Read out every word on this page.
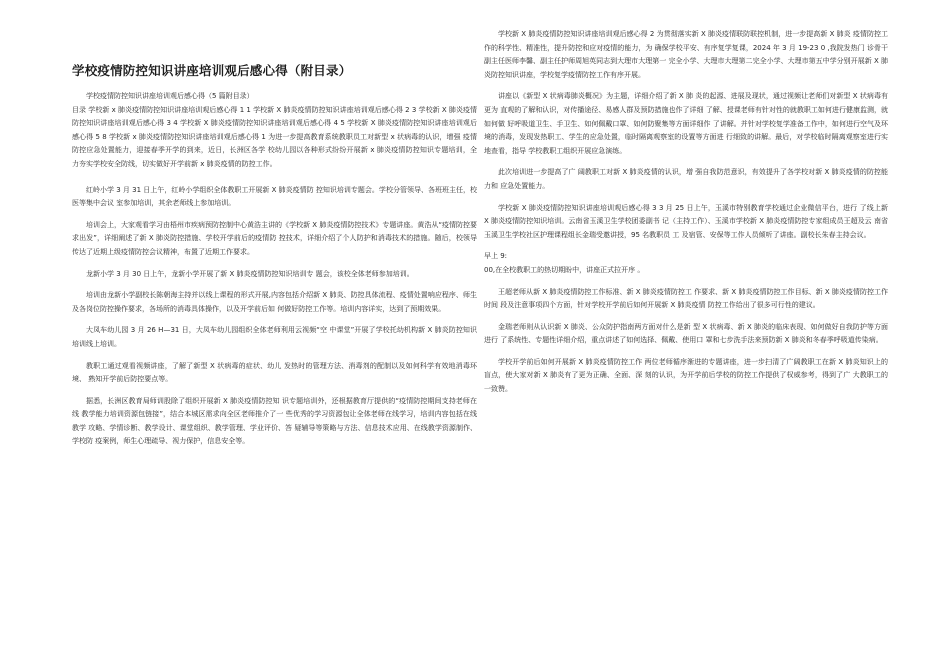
学校疫情防控知识讲座培训观后感心得（附目录）

学校疫情防控知识讲座培训观后感心得（5 篇附目录）

目录 学校新 x 肺炎疫情防控知识讲座培训观后感心得 1 1 学校新 X 肺炎疫情防控知识讲座培训观后感心得 2 3 学校新 X 肺炎疫情防控知识讲座培训观后感心得 3 4 学校新 X 肺炎疫情防控知识讲座培训观后感心得 4 5 学校新 X 肺炎疫情防控知识讲座培训观后感心得 5 8 学校新 x 肺炎疫情防控知识讲座培训观后感心得 1 为进一步提高教育系统教职员工对新型 x 状病毒的认识，增强 疫情防控应急处置能力，迎接春季开学的到来，近日，长洲区各学 校幼儿园以各种形式纷纷开展新 x 肺炎疫情防控知识专题培训，全 力夯实学校安全防线，切实做好开学前新 x 肺炎疫情的防控工作。

红岭小学 3 月 31 日上午，红岭小学组织全体教职工开展新 X 肺炎疫情防 控知识培训专题会。学校分管领导、各班班主任，校医等集中会议 室参加培训，其余老师线上参加培训。

培训会上，大家观看学习由梧州市疾病预防控制中心黄浩主讲的《学校新 X 肺炎疫情防控技术》专题讲座。黄浩从“疫情防控要 求出发”，详细阐述了新 X 肺炎防控措施、学校开学前后的疫情防 控技术，详细介绍了个人防护和消毒技术的措施。随后，校领导传达了近期上级疫情防控会议精神，布置了近期工作要求。

龙新小学 3 月 30 日上午，龙新小学开展了新 X 肺炎疫情防控知识培训专 题会，该校全体老师参加培训。

培训由龙新小学副校长陈朝海主持并以线上课程的形式开展,内容包括介绍新 X 肺炎、防控具体流程、疫情处置响应程序、师生 及各岗位防控操作要求，各场所的消毒具体操作，以及开学前后如 何做好防控工作等。培训内容详实，达到了预期效果。

大凤车幼儿园 3 月 26 H—31 日，大凤车幼儿园组织全体老师利用云视频“空 中课堂”开展了学校托幼机构新 X 肺炎防控知识培训线上培训。

教职工通过观看视频讲座，了解了新型 X 状病毒的症状、幼儿 发热时的管理方法、消毒剂的配制以及如何科学有效地消毒环境、 熟知开学前后防控要点等。

据悉，长洲区教育局师训股除了组织开展新 X 肺炎疫情防控知 识专题培训外，还根据教育厅提供的“疫情防控期间支持老师在线 教学能力培训资源包链接”，结合本城区需求向全区老师推介了一 些优秀的学习资源包让全体老师在线学习，培训内容包括在线教学 攻略、学情诊断、教学设计、课堂组织、教学管理、学业评价、答 疑辅导等策略与方法、信息技术应用、在线教学资源制作、学校防 疫案例，师生心理疏导、视力保护，信息安全等。

学校新 X 肺炎疫情防控知识讲座培训观后感心得 2 为贯彻落实新 X 肺炎疫情联防联控机制，进一步提高新 X 肺炎 疫情防控工作的科学性、精准性，提升防控和应对疫情的能力，为 确保学校平安、有序复学复课，2024 年 3 月 19-23 0 ,我院发热门 诊骨干副主任医师李馨、副主任护师周旭英同志到大理市大理第一 完全小学、大理市大理第二完全小学、大理市第五中学分别开展新 X 肺炎防控知识讲座，学校复学疫情防控工作有序开展。

讲座以《新型 X 状病毒肺炎概况》为主题，详细介绍了新 X 肺 炎的起源、进展及现状，通过视频让老师们对新型 X 状病毒有更为 直观的了解和认识，对传播途径、易感人群及预防措施也作了详细 了解、授课老师有针对性的就教职工如何进行健康监测，就如何做 好呼吸道卫生、手卫生、如何佩戴口罩、如何防聚集等方面详细作 了讲解。并针对学校复学准备工作中，如何进行空气及环境的消毒，发现发热职工、学生的应急处置，临时隔离观察室的设置等方面进 行细致的讲解。最后，对学校临时隔离观察室进行实地查看，指导 学校教职工组织开展应急演练。

此次培训进一步提高了广 阔教职工对新 X 肺炎疫情的认识，增 强自我防范意识，有效提升了各学校对新 X 肺炎疫情的防控能力和 应急处置能力。

学校新 X 肺炎疫情防控知识讲座培训观后感心得 3 3 月 25 日上午，玉溪市特别教育学校通过企业微信平台，进行 了线上新 X 肺炎疫情防控知识培训。云南省玉溪卫生学校团委副书 记（主持工作）、玉溪市学校新 X 肺炎疫情防控专家组成员王超及云 南省玉溪卫生学校社区护理课程组长金瑞受邀讲授，95 名教职员 工 及宿管、安保等工作人员倾听了讲座。副校长朱春主持会议。

早上 9:

00,在全校教职工的热切期盼中，讲座正式拉开序 。

王超老师从新 X 肺炎疫情防控工作标准、新 X 肺炎疫情防控工 作要求、新 X 肺炎疫情防控工作目标、新 X 肺炎疫情防控工作时间 段及注意事项四个方面，针对学校开学前后如何开展新 X 肺炎疫情 防控工作给出了很多可行性的建议。

金瑞老师则从认识新 X 肺炎、公众防护指南两方面对什么是新 型 X 状病毒、新 X 肺炎的临床表现、如何做好自我防护等方面进行 了系统性、专题性详细介绍，重点讲述了如何选择、佩戴、使用口 罩和七步洗手法来预防新 X 肺炎和冬春季呼吸道传染病。

学校开学前后如何开展新 X 肺炎疫情防控工作 两位老师循序渐进的专题讲座，进一步扫清了广阔教职工在新 X 肺炎知识上的盲点，使大家对新 X 肺炎有了更为正确、全面、深 刻的认识，为开学前后学校的防控工作提供了权威参考，得到了广 大教职工的一致赞。
